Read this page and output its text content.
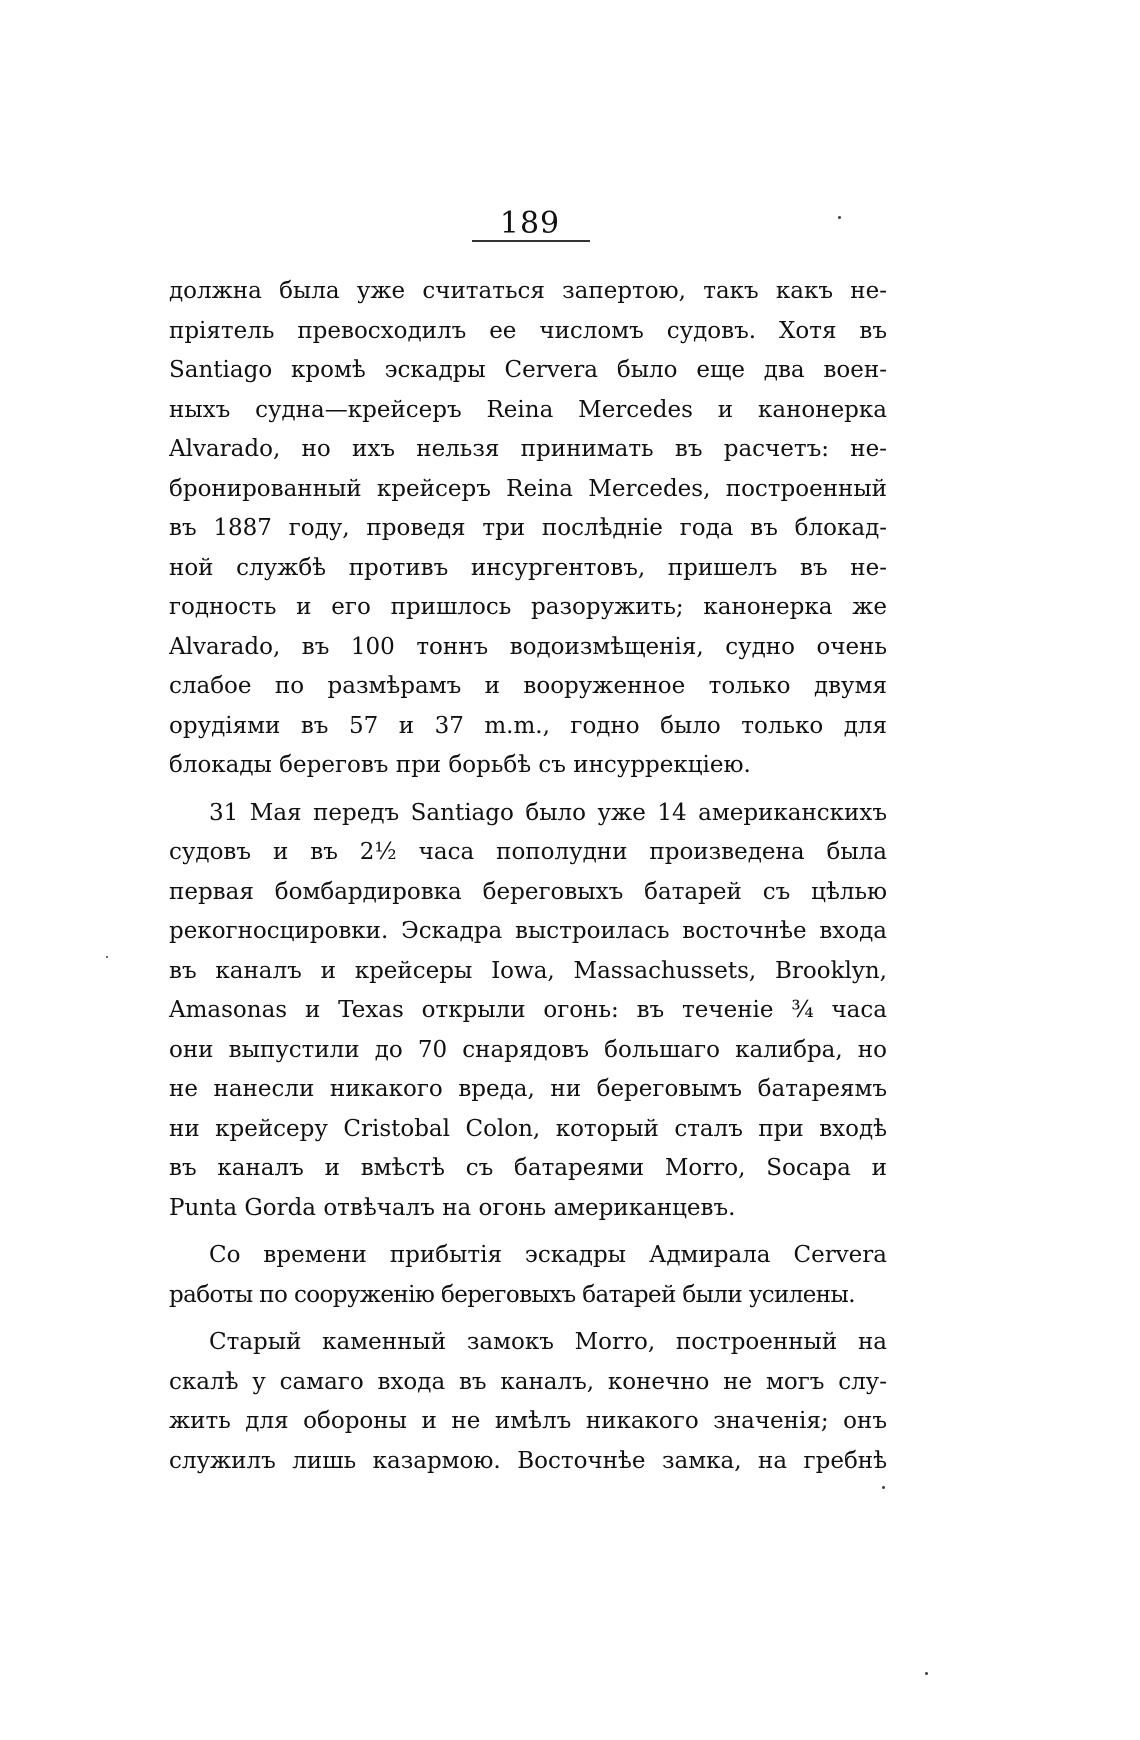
189
должна была уже считаться запертою, такъ какъ не-
пріятель превосходилъ ее числомъ судовъ. Хотя въ
Santiago кромѣ эскадры Cervera было еще два воен-
ныхъ судна—крейсеръ Reina Mercedes и канонерка
Alvarado, но ихъ нельзя принимать въ расчетъ: не-
бронированный крейсеръ Reina Mercedes, построенный
въ 1887 году, проведя три послѣдніе года въ блокад-
ной службѣ противъ инсургентовъ, пришелъ въ не-
годность и его пришлось разоружить; канонерка же
Alvarado, въ 100 тоннъ водоизмѣщенія, судно очень
слабое по размѣрамъ и вооруженное только двумя
орудіями въ 57 и 37 m.m., годно было только для
блокады береговъ при борьбѣ съ инсуррекціею.
31 Мая передъ Santiago было уже 14 американскихъ
судовъ и въ 2½ часа пополудни произведена была
первая бомбардировка береговыхъ батарей съ цѣлью
рекогносцировки. Эскадра выстроилась восточнѣе входа
въ каналъ и крейсеры Iowa, Massachussets, Brooklyn,
Amasonas и Texas открыли огонь: въ теченіе ¾ часа
они выпустили до 70 снарядовъ большаго калибра, но
не нанесли никакого вреда, ни береговымъ батареямъ
ни крейсеру Cristobal Colon, который сталъ при входѣ
въ каналъ и вмѣстѣ съ батареями Morro, Socapa и
Punta Gorda отвѣчалъ на огонь американцевъ.
Со времени прибытія эскадры Адмирала Cervera
работы по сооруженію береговыхъ батарей были усилены.
Старый каменный замокъ Morro, построенный на
скалѣ у самаго входа въ каналъ, конечно не могъ слу-
жить для обороны и не имѣлъ никакого значенія; онъ
служилъ лишь казармою. Восточнѣе замка, на гребнѣ
